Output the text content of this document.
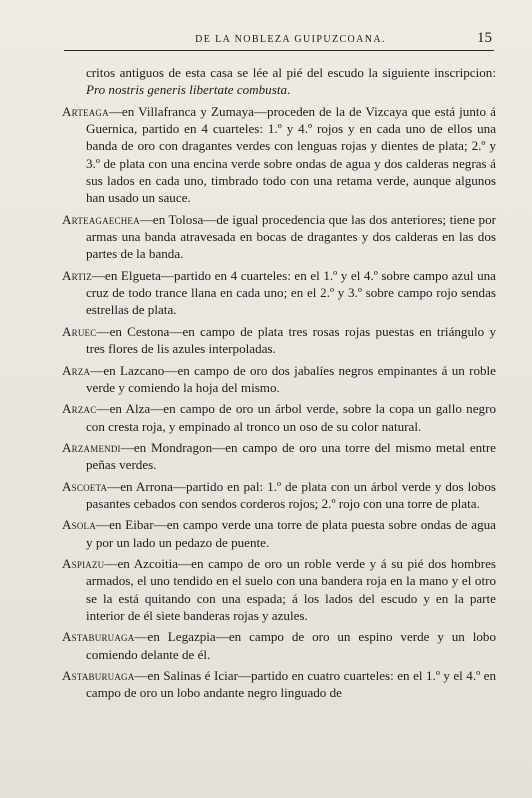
DE LA NOBLEZA GUIPUZCOANA.	15

critos antiguos de esta casa se lée al pié del escudo la siguiente inscripcion: Pro nostris generis libertate combusta.

Arteaga—en Villafranca y Zumaya—proceden de la de Vizcaya que está junto á Guernica, partido en 4 cuarteles: 1.º y 4.º rojos y en cada uno de ellos una banda de oro con dragantes verdes con lenguas rojas y dientes de plata; 2.º y 3.º de plata con una encina verde sobre ondas de agua y dos calderas negras á sus lados en cada uno, timbrado todo con una retama verde, aunque algunos han usado un sauce.

Arteagaechea—en Tolosa—de igual procedencia que las dos anteriores; tiene por armas una banda atravesada en bocas de dragantes y dos calderas en las dos partes de la banda.

Artiz—en Elgueta—partido en 4 cuarteles: en el 1.º y el 4.º sobre campo azul una cruz de todo trance llana en cada uno; en el 2.º y 3.º sobre campo rojo sendas estrellas de plata.

Aruec—en Cestona—en campo de plata tres rosas rojas puestas en triángulo y tres flores de lis azules interpoladas.

Arza—en Lazcano—en campo de oro dos jabalíes negros empinantes á un roble verde y comiendo la hoja del mismo.

Arzac—en Alza—en campo de oro un árbol verde, sobre la copa un gallo negro con cresta roja, y empinado al tronco un oso de su color natural.

Arzamendi—en Mondragon—en campo de oro una torre del mismo metal entre peñas verdes.

Ascoeta—en Arrona—partido en pal: 1.º de plata con un árbol verde y dos lobos pasantes cebados con sendos corderos rojos; 2.º rojo con una torre de plata.

Asola—en Eibar—en campo verde una torre de plata puesta sobre ondas de agua y por un lado un pedazo de puente.

Aspiazu—en Azcoitia—en campo de oro un roble verde y á su pié dos hombres armados, el uno tendido en el suelo con una bandera roja en la mano y el otro se la está quitando con una espada; á los lados del escudo y en la parte interior de él siete banderas rojas y azules.

Astaburuaga—en Legazpia—en campo de oro un espino verde y un lobo comiendo delante de él.

Astaburuaga—en Salinas é Iciar—partido en cuatro cuarteles: en el 1.º y el 4.º en campo de oro un lobo andante negro linguado de
